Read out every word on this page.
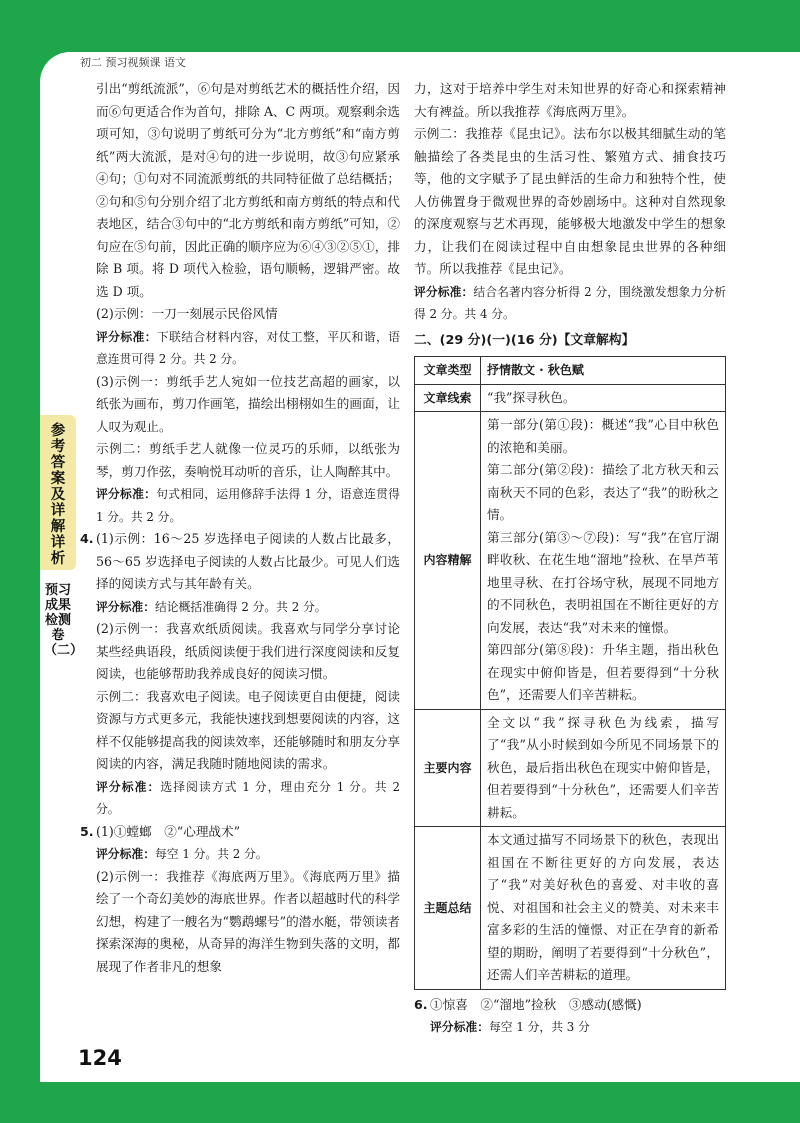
初二 预习视频课 语文
参考答案及详解详析
预习成果检测卷（二）
引出“剪纸流派”，⑥句是对剪纸艺术的概括性介绍，因而⑥句更适合作为首句，排除 A、C 两项。观察剩余选项可知，③句说明了剪纸可分为“北方剪纸”和“南方剪纸”两大流派，是对④句的进一步说明，故③句应紧承④句；①句对不同流派剪纸的共同特征做了总结概括；②句和⑤句分别介绍了北方剪纸和南方剪纸的特点和代表地区，结合③句中的“北方剪纸和南方剪纸”可知，②句应在⑤句前，因此正确的顺序应为⑥④③②⑤①，排除 B 项。将 D 项代入检验，语句顺畅，逻辑严密。故选 D 项。
(2)示例：一刀一刻展示民俗风情
评分标准：下联结合材料内容，对仗工整，平仄和谐，语意连贯可得 2 分。共 2 分。
(3)示例一：剪纸手艺人宛如一位技艺高超的画家，以纸张为画布，剪刀作画笔，描绘出栩栩如生的画面，让人叹为观止。
示例二：剪纸手艺人就像一位灵巧的乐师，以纸张为琴，剪刀作弦，奏响悦耳动听的音乐，让人陶醉其中。
评分标准：句式相同，运用修辞手法得 1 分，语意连贯得 1 分。共 2 分。
4. (1)示例：16～25 岁选择电子阅读的人数占比最多，56～65 岁选择电子阅读的人数占比最少。可见人们选择的阅读方式与其年龄有关。
评分标准：结论概括准确得 2 分。共 2 分。
(2)示例一：我喜欢纸质阅读。我喜欢与同学分享讨论某些经典语段，纸质阅读便于我们进行深度阅读和反复阅读，也能够帮助我养成良好的阅读习惯。
示例二：我喜欢电子阅读。电子阅读更自由便捷，阅读资源与方式更多元，我能快速找到想要阅读的内容，这样不仅能够提高我的阅读效率，还能够随时和朋友分享阅读的内容，满足我随时随地阅读的需求。
评分标准：选择阅读方式 1 分，理由充分 1 分。共 2 分。
5. (1)①螳螂　②“心理战术”
评分标准：每空 1 分。共 2 分。
(2)示例一：我推荐《海底两万里》。《海底两万里》描绘了一个奇幻美妙的海底世界。作者以超越时代的科学幻想，构建了一艘名为“鹦鹉螺号”的潜水艇，带领读者探索深海的奥秘，从奇异的海洋生物到失落的文明，都展现了作者非凡的想象
力，这对于培养中学生对未知世界的好奇心和探索精神大有裨益。所以我推荐《海底两万里》。
示例二：我推荐《昆虫记》。法布尔以极其细腻生动的笔触描绘了各类昆虫的生活习性、繁殖方式、捕食技巧等，他的文字赋予了昆虫鲜活的生命力和独特个性，使人仿佛置身于微观世界的奇妙剧场中。这种对自然现象的深度观察与艺术再现，能够极大地激发中学生的想象力，让我们在阅读过程中自由想象昆虫世界的各种细节。所以我推荐《昆虫记》。
评分标准：结合名著内容分析得 2 分，围绕激发想象力分析得 2 分。共 4 分。
二、(29 分)(一)(16 分)【文章解构】
文章类型	抒情散文 · 秋色赋
文章线索	“我”探寻秋色。
内容精解	第一部分(第①段)：概述“我”心目中秋色的浓艳和美丽。
第二部分(第②段)：描绘了北方秋天和云南秋天不同的色彩，表达了“我”的盼秋之情。
第三部分(第③～⑦段)：写“我”在官厅湖畔收秋、在花生地“溜地”捡秋、在旱芦苇地里寻秋、在打谷场守秋，展现不同地方的不同秋色，表明祖国在不断往更好的方向发展，表达“我”对未来的憧憬。
第四部分(第⑧段)：升华主题，指出秋色在现实中俯仰皆是，但若要得到“十分秋色”，还需要人们辛苦耕耘。

主要内容	全文以“我”探寻秋色为线索，描写了“我”从小时候到如今所见不同场景下的秋色，最后指出秋色在现实中俯仰皆是，但若要得到“十分秋色”，还需要人们辛苦耕耘。
主题总结	本文通过描写不同场景下的秋色，表现出祖国在不断往更好的方向发展，表达了“我”对美好秋色的喜爱、对丰收的喜悦、对祖国和社会主义的赞美、对未来丰富多彩的生活的憧憬、对正在孕育的新希望的期盼，阐明了若要得到“十分秋色”，还需人们辛苦耕耘的道理。
6. ①惊喜　②“溜地”捡秋　③感动(感慨)
评分标准：每空 1 分，共 3 分
124
